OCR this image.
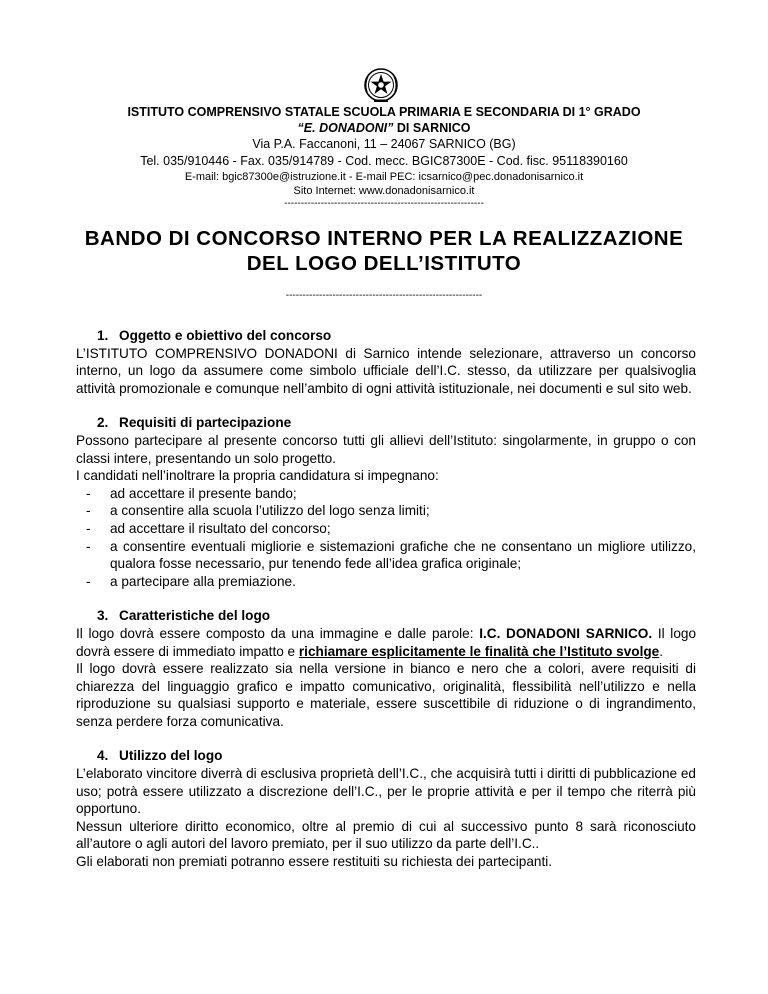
ISTITUTO COMPRENSIVO STATALE SCUOLA PRIMARIA E SECONDARIA DI 1° GRADO
“E. DONADONI” DI SARNICO
Via P.A. Faccanoni, 11 – 24067 SARNICO (BG)
Tel. 035/910446 - Fax. 035/914789 - Cod. mecc. BGIC87300E - Cod. fisc. 95118390160
E-mail: bgic87300e@istruzione.it - E-mail PEC: icsarnico@pec.donadonisarnico.it
Sito Internet: www.donadonisarnico.it
------------------------------------------------------------
BANDO DI CONCORSO INTERNO PER LA REALIZZAZIONE
DEL LOGO DELL’ISTITUTO
-----------------------------------------------------------
1. Oggetto e obiettivo del concorso

L’ISTITUTO COMPRENSIVO DONADONI di Sarnico intende selezionare, attraverso un concorso interno, un logo da assumere come simbolo ufficiale dell’I.C. stesso, da utilizzare per qualsivoglia attività promozionale e comunque nell’ambito di ogni attività istituzionale, nei documenti e sul sito web.

2. Requisiti di partecipazione

Possono partecipare al presente concorso tutti gli allievi dell’Istituto: singolarmente, in gruppo o con classi intere, presentando un solo progetto.

I candidati nell’inoltrare la propria candidatura si impegnano:

- ad accettare il presente bando;
- a consentire alla scuola l’utilizzo del logo senza limiti;
- ad accettare il risultato del concorso;
- a consentire eventuali migliorie e sistemazioni grafiche che ne consentano un migliore utilizzo, qualora fosse necessario, pur tenendo fede all’idea grafica originale;
- a partecipare alla premiazione.
3. Caratteristiche del logo

Il logo dovrà essere composto da una immagine e dalle parole: I.C. DONADONI SARNICO. Il logo dovrà essere di immediato impatto e richiamare esplicitamente le finalità che l’Istituto svolge.

Il logo dovrà essere realizzato sia nella versione in bianco e nero che a colori, avere requisiti di chiarezza del linguaggio grafico e impatto comunicativo, originalità, flessibilità nell’utilizzo e nella riproduzione su qualsiasi supporto e materiale, essere suscettibile di riduzione o di ingrandimento, senza perdere forza comunicativa.

4. Utilizzo del logo

L’elaborato vincitore diverrà di esclusiva proprietà dell’I.C., che acquisirà tutti i diritti di pubblicazione ed uso; potrà essere utilizzato a discrezione dell’I.C., per le proprie attività e per il tempo che riterrà più opportuno.

Nessun ulteriore diritto economico, oltre al premio di cui al successivo punto 8 sarà riconosciuto all’autore o agli autori del lavoro premiato, per il suo utilizzo da parte dell’I.C..

Gli elaborati non premiati potranno essere restituiti su richiesta dei partecipanti.
